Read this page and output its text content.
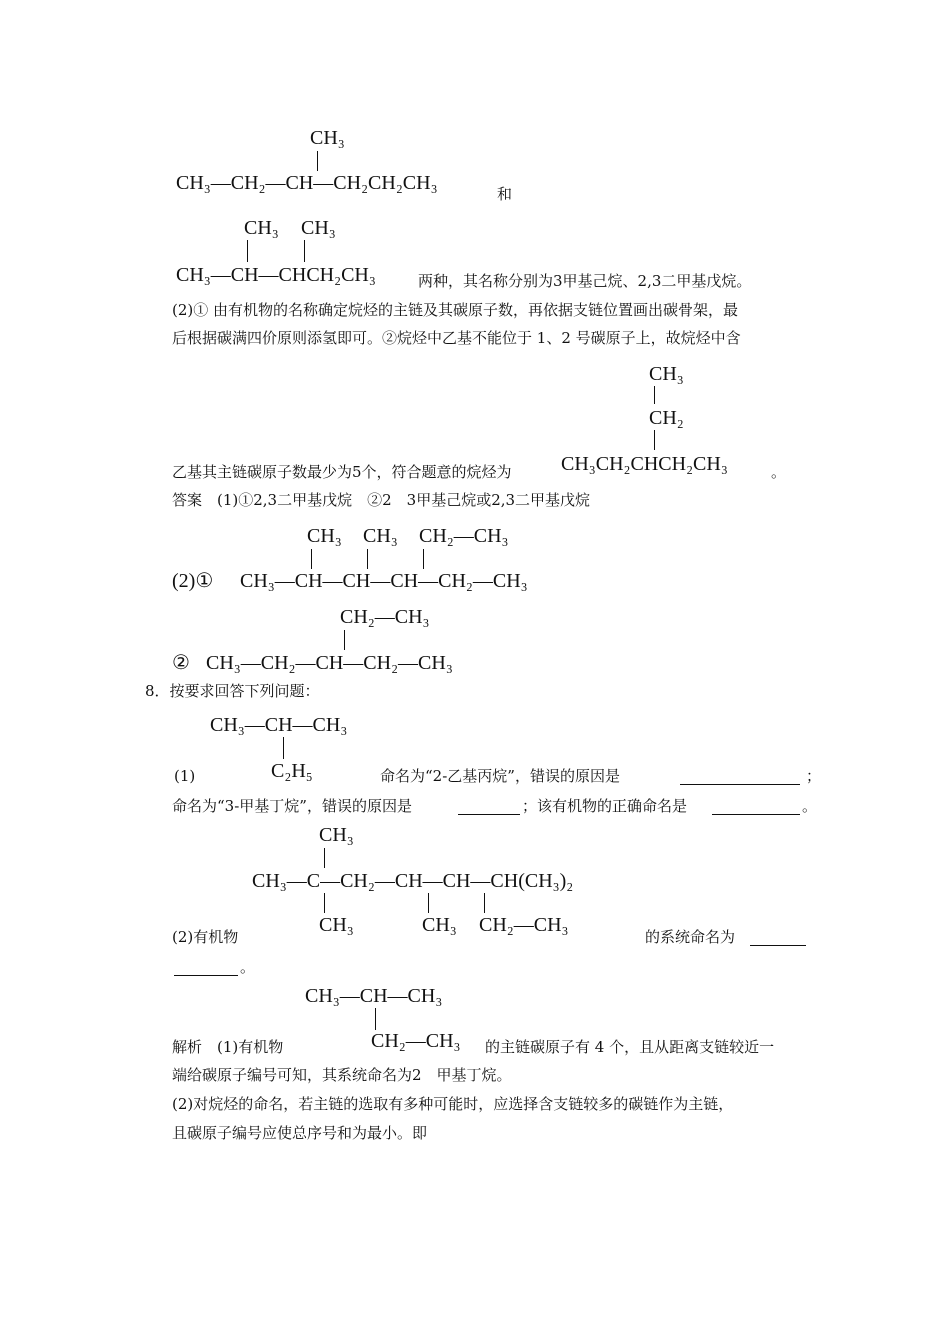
CH₃
CH₃—CH₂—CH—CH₂CH₂CH₃	和
CH₃ CH₃
CH₃—CH—CHCH₂CH₃	两种，其名称分别为3甲基己烷、2,3二甲基戊烷。
(2)① 由有机物的名称确定烷烃的主链及其碳原子数，再依据支链位置画出碳骨架，最
后根据碳满四价原则添氢即可。②烷烃中乙基不能位于 1、2 号碳原子上，故烷烃中含
CH₃
CH₂
CH₃CH₂CHCH₂CH₃
乙基其主链碳原子数最少为5个，符合题意的烷烃为	。
答案　(1)①2,3二甲基戊烷　②2　3甲基己烷或2,3二甲基戊烷
CH₃ CH₃ CH₂—CH₃
(2)① CH₃—CH—CH—CH—CH₂—CH₃
CH₂—CH₃
② CH₃—CH₂—CH—CH₂—CH₃
8．按要求回答下列问题：
CH₃—CH—CH₃
C₂H₅
(1)	命名为“2-乙基丙烷”，错误的原因是	；
命名为“3-甲基丁烷”，错误的原因是	；该有机物的正确命名是	。
CH₃
CH₃—C—CH₂—CH—CH—CH(CH₃)₂
CH₃	CH₃ CH₂—CH₃
(2)有机物	的系统命名为
。
CH₃—CH—CH₃
CH₂—CH₃
解析　(1)有机物	的主链碳原子有 4 个，且从距离支链较近一
端给碳原子编号可知，其系统命名为2　甲基丁烷。
(2)对烷烃的命名，若主链的选取有多种可能时，应选择含支链较多的碳链作为主链，
且碳原子编号应使总序号和为最小。即
